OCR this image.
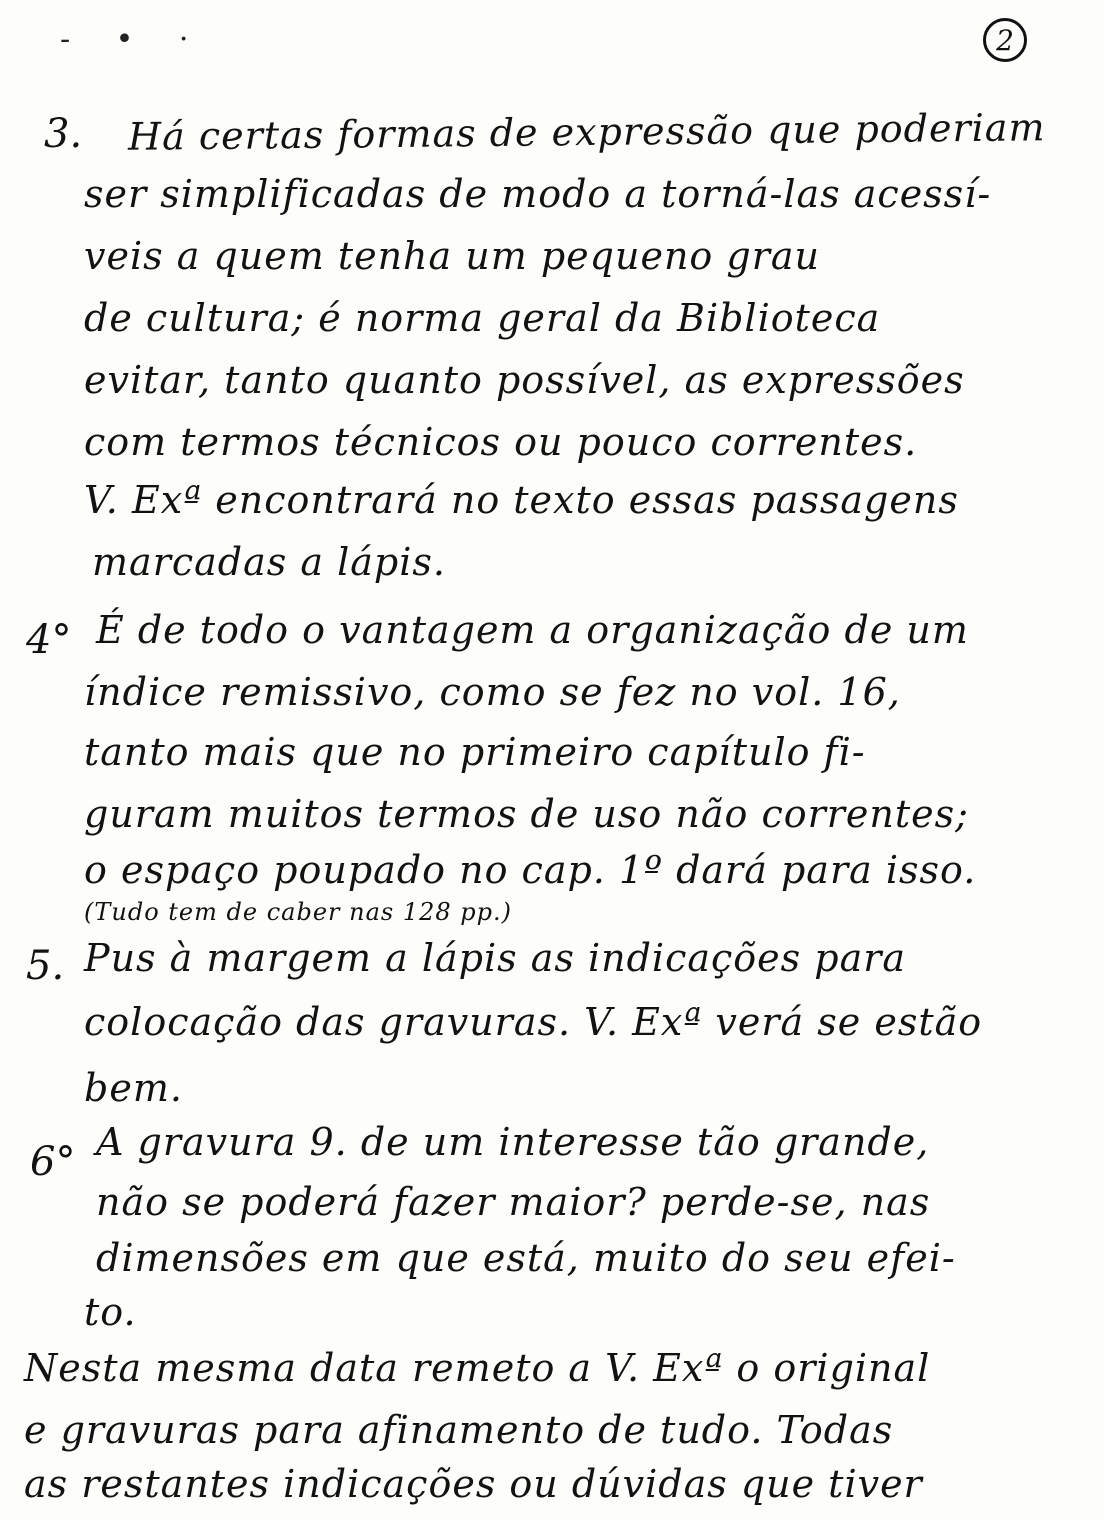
- • ·	2
3. Há certas formas de expressão que poderiam
ser simplificadas de modo a torná-las acessí-
veis a quem tenha um pequeno grau
de cultura; é norma geral da Biblioteca
evitar, tanto quanto possível, as expressões
com termos técnicos ou pouco correntes.
V. Exª encontrará no texto essas passagens
marcadas a lápis.
4° É de todo o vantagem a organização de um
índice remissivo, como se fez no vol. 16,
tanto mais que no primeiro capítulo fi-
guram muitos termos de uso não correntes;
o espaço poupado no cap. 1º dará para isso.
(Tudo tem de caber nas 128 pp.)
5. Pus à margem a lápis as indicações para
colocação das gravuras. V. Exª verá se estão
bem.
6° A gravura 9. de um interesse tão grande,
não se poderá fazer maior? perde-se, nas
dimensões em que está, muito do seu efei-
to.
Nesta mesma data remeto a V. Exª o original
e gravuras para afinamento de tudo. Todas
as restantes indicações ou dúvidas que tiver
